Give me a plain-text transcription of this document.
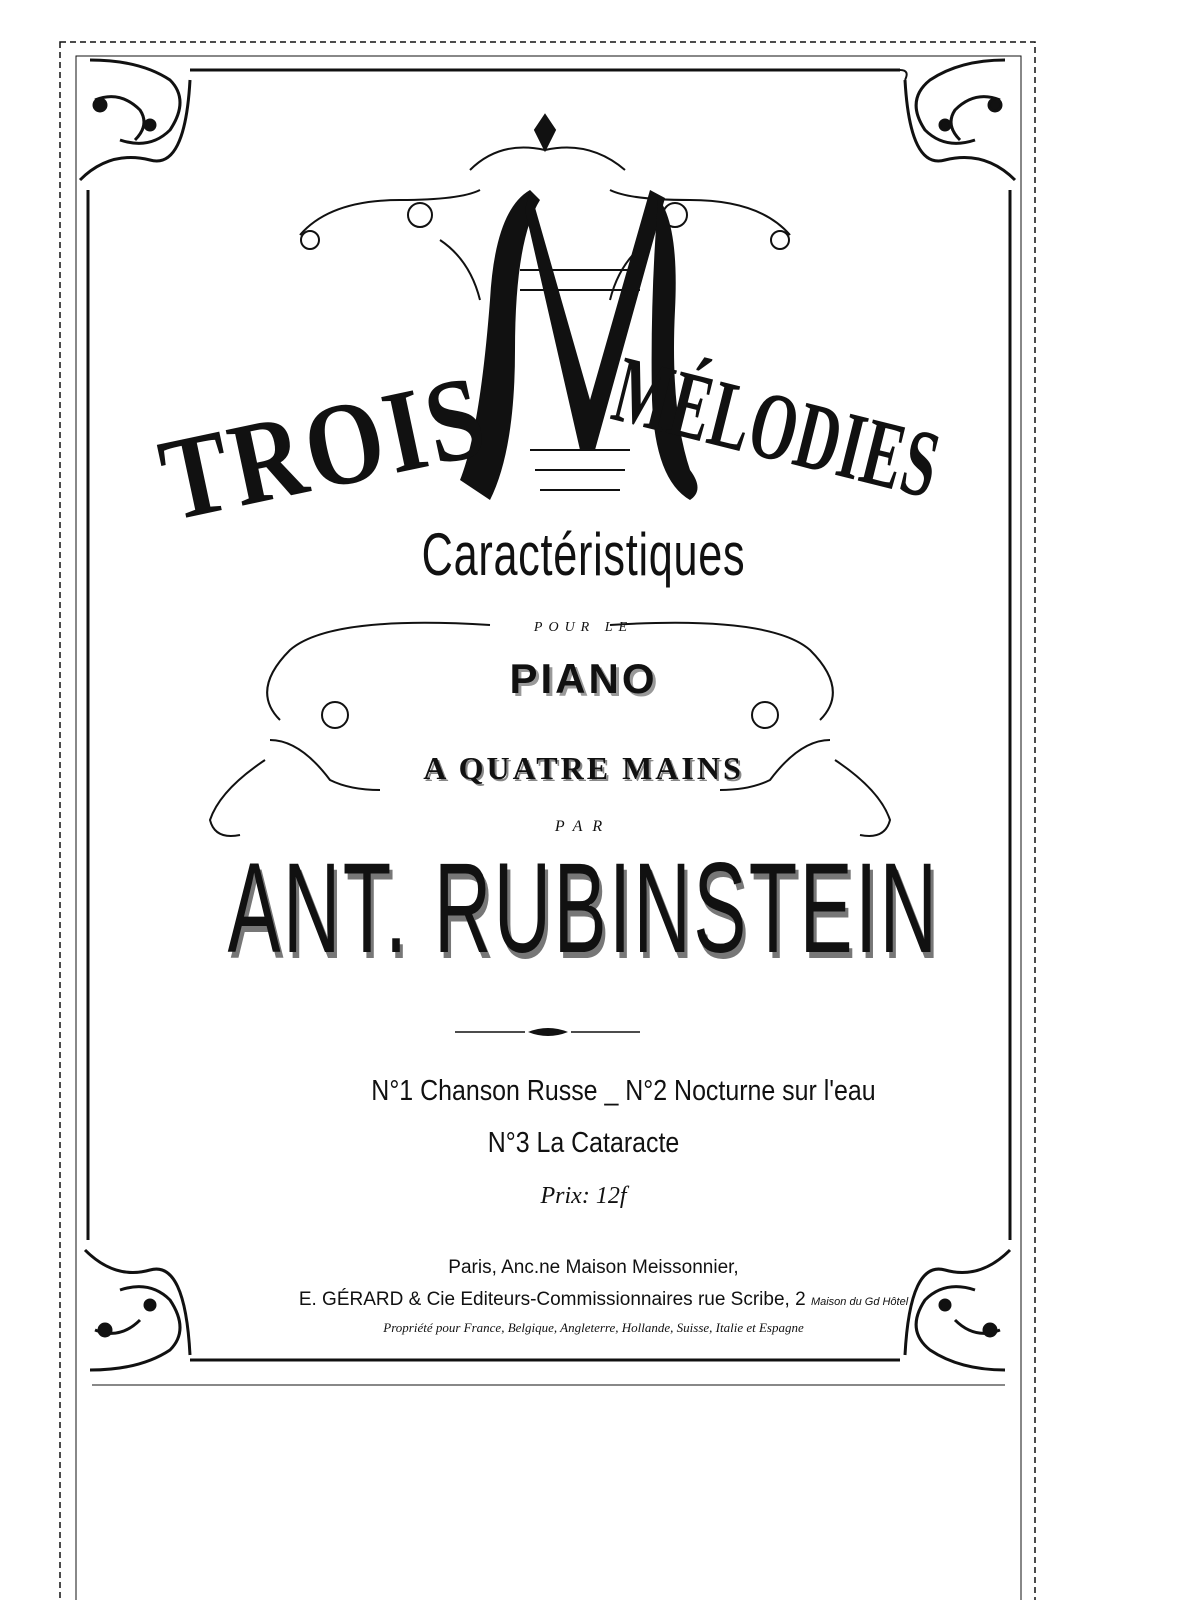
TROIS MÉLODIES
Caractéristiques
POUR LE
PIANO
A QUATRE MAINS
PAR
ANT. RUBINSTEIN
N°1 Chanson Russe _ N°2 Nocturne sur l'eau
N°3 La Cataracte
Prix: 12f
Paris, Anc.ne Maison Meissonnier,
E. GÉRARD & Cie Editeurs-Commissionnaires rue Scribe, 2 Maison du Gd Hôtel
Propriété pour France, Belgique, Angleterre, Hollande, Suisse, Italie et Espagne
